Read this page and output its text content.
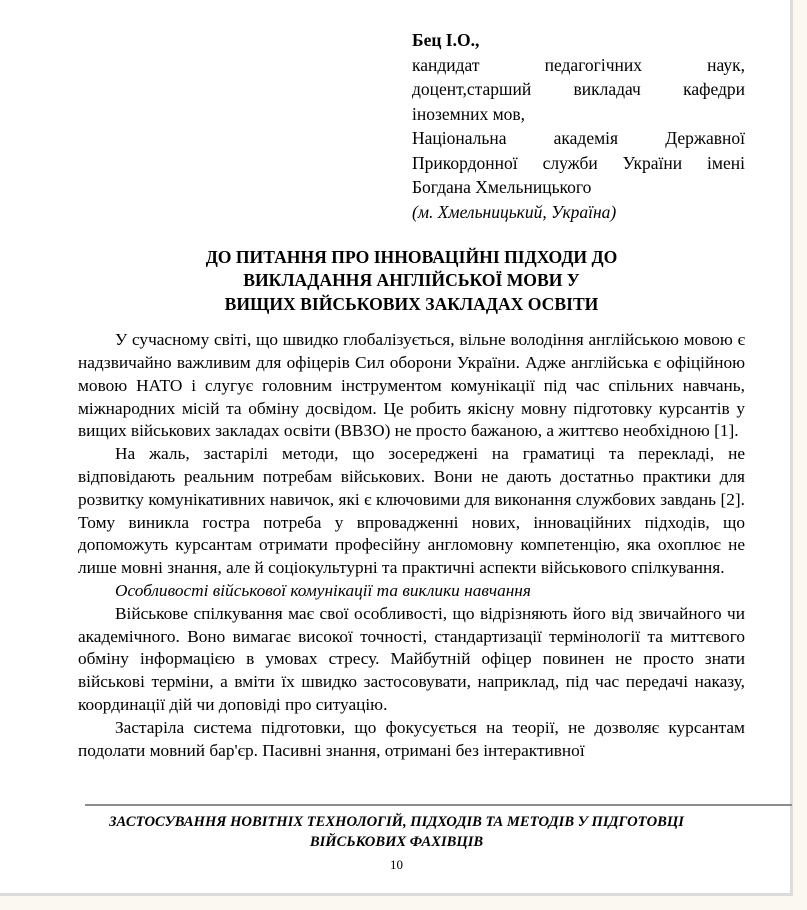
Бец І.О.,

кандидат педагогічних наук, доцент,старший викладач кафедри іноземних мов,

Національна академія Державної Прикордонної служби України імені Богдана Хмельницького

(м. Хмельницький, Україна)

ДО ПИТАННЯ ПРО ІННОВАЦІЙНІ ПІДХОДИ ДО
ВИКЛАДАННЯ АНГЛІЙСЬКОЇ МОВИ У
ВИЩИХ ВІЙСЬКОВИХ ЗАКЛАДАХ ОСВІТИ

У сучасному світі, що швидко глобалізується, вільне володіння англійською мовою є надзвичайно важливим для офіцерів Сил оборони України. Адже англійська є офіційною мовою НАТО і слугує головним інструментом комунікації під час спільних навчань, міжнародних місій та обміну досвідом. Це робить якісну мовну підготовку курсантів у вищих військових закладах освіти (ВВЗО) не просто бажаною, а життєво необхідною [1].

На жаль, застарілі методи, що зосереджені на граматиці та перекладі, не відповідають реальним потребам військових. Вони не дають достатньо практики для розвитку комунікативних навичок, які є ключовими для виконання службових завдань [2]. Тому виникла гостра потреба у впровадженні нових, інноваційних підходів, що допоможуть курсантам отримати професійну англомовну компетенцію, яка охоплює не лише мовні знання, але й соціокультурні та практичні аспекти військового спілкування.

Особливості військової комунікації та виклики навчання

Військове спілкування має свої особливості, що відрізняють його від звичайного чи академічного. Воно вимагає високої точності, стандартизації термінології та миттєвого обміну інформацією в умовах стресу. Майбутній офіцер повинен не просто знати військові терміни, а вміти їх швидко застосовувати, наприклад, під час передачі наказу, координації дій чи доповіді про ситуацію.

Застаріла система підготовки, що фокусується на теорії, не дозволяє курсантам подолати мовний бар'єр. Пасивні знання, отримані без інтерактивної

ЗАСТОСУВАННЯ НОВІТНІХ ТЕХНОЛОГІЙ, ПІДХОДІВ ТА МЕТОДІВ У ПІДГОТОВЦІ ВІЙСЬКОВИХ ФАХІВЦІВ
10
